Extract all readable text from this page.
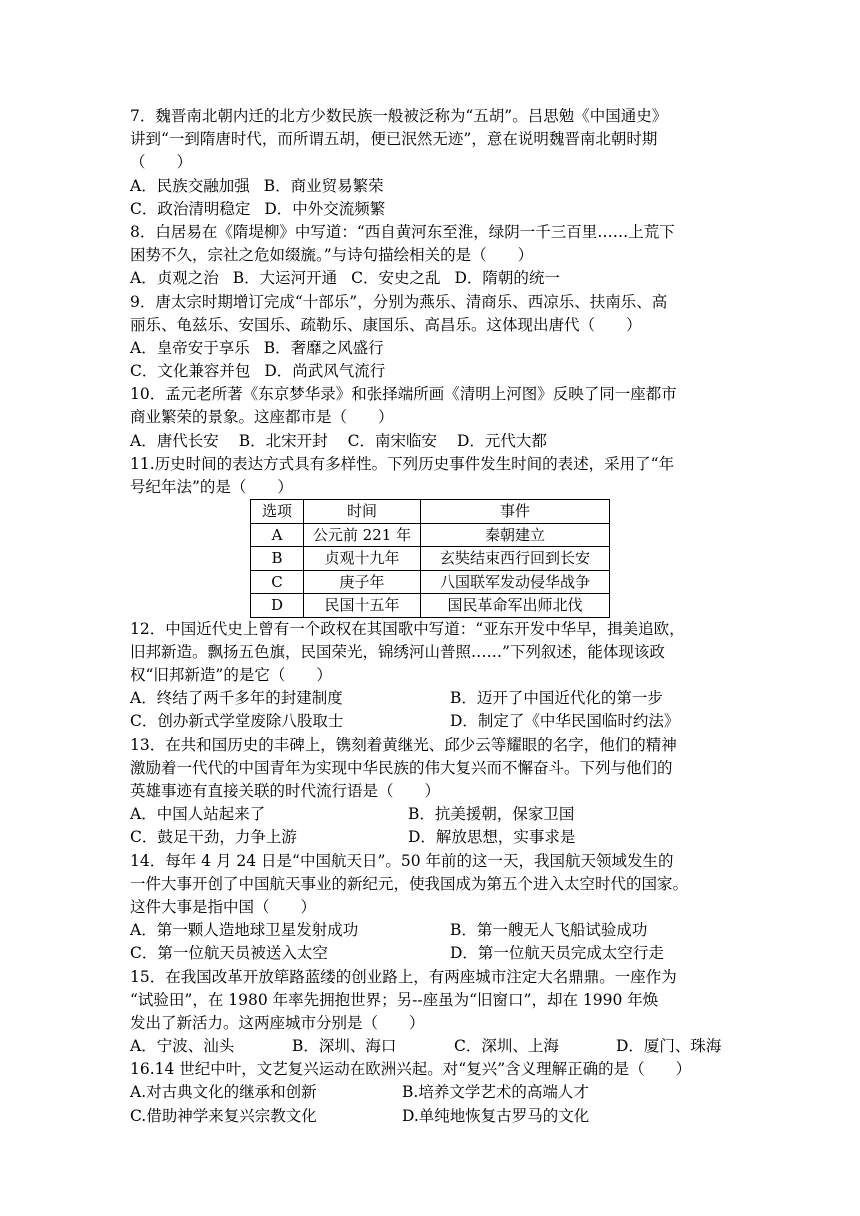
7．魏晋南北朝内迁的北方少数民族一般被泛称为“五胡”。吕思勉《中国通史》
讲到“一到隋唐时代，而所谓五胡，便已泯然无迹”，意在说明魏晋南北朝时期
（　　）
A．民族交融加强 B．商业贸易繁荣
C．政治清明稳定 D．中外交流频繁
8．白居易在《隋堤柳》中写道：“西自黄河东至淮，绿阴一千三百里……上荒下
困势不久，宗社之危如缀旒。”与诗句描绘相关的是（　　）
A．贞观之治 B．大运河开通 C．安史之乱 D．隋朝的统一
9．唐太宗时期增订完成“十部乐”，分别为燕乐、清商乐、西凉乐、扶南乐、高
丽乐、龟兹乐、安国乐、疏勒乐、康国乐、高昌乐。这体现出唐代（　　）
A．皇帝安于享乐 B．奢靡之风盛行
C．文化兼容并包 D．尚武风气流行
10．孟元老所著《东京梦华录》和张择端所画《清明上河图》反映了同一座都市
商业繁荣的景象。这座都市是（　　）
A．唐代长安 B．北宋开封 C．南宋临安 D．元代大都
11.历史时间的表达方式具有多样性。下列历史事件发生时间的表述，采用了“年
号纪年法”的是（　　）
选项	时间	事件
A	公元前 221 年	秦朝建立
B	贞观十九年	玄奘结束西行回到长安
C	庚子年	八国联军发动侵华战争
D	民国十五年	国民革命军出师北伐
12．中国近代史上曾有一个政权在其国歌中写道：“亚东开发中华早，揖美追欧，
旧邦新造。飘扬五色旗，民国荣光，锦绣河山普照……”下列叙述，能体现该政
权“旧邦新造”的是它（　　）
A．终结了两千多年的封建制度	B．迈开了中国近代化的第一步
C．创办新式学堂废除八股取士	D．制定了《中华民国临时约法》
13．在共和国历史的丰碑上，镌刻着黄继光、邱少云等耀眼的名字，他们的精神
激励着一代代的中国青年为实现中华民族的伟大复兴而不懈奋斗。下列与他们的
英雄事迹有直接关联的时代流行语是（　　）
A．中国人站起来了	B．抗美援朝，保家卫国
C．鼓足干劲，力争上游	D．解放思想，实事求是
14．每年 4 月 24 日是“中国航天日”。50 年前的这一天，我国航天领域发生的
一件大事开创了中国航天事业的新纪元，使我国成为第五个进入太空时代的国家。
这件大事是指中国（　　）
A．第一颗人造地球卫星发射成功	B．第一艘无人飞船试验成功
C．第一位航天员被送入太空	D．第一位航天员完成太空行走
15．在我国改革开放筚路蓝缕的创业路上，有两座城市注定大名鼎鼎。一座作为
“试验田”，在 1980 年率先拥抱世界；另--座虽为“旧窗口”，却在 1990 年焕
发出了新活力。这两座城市分别是（　　）
A．宁波、汕头	B．深圳、海口	C．深圳、上海	D．厦门、珠海
16.14 世纪中叶，文艺复兴运动在欧洲兴起。对“复兴”含义理解正确的是（　　）
A.对古典文化的继承和创新	B.培养文学艺术的高端人才
C.借助神学来复兴宗教文化	D.单纯地恢复古罗马的文化
